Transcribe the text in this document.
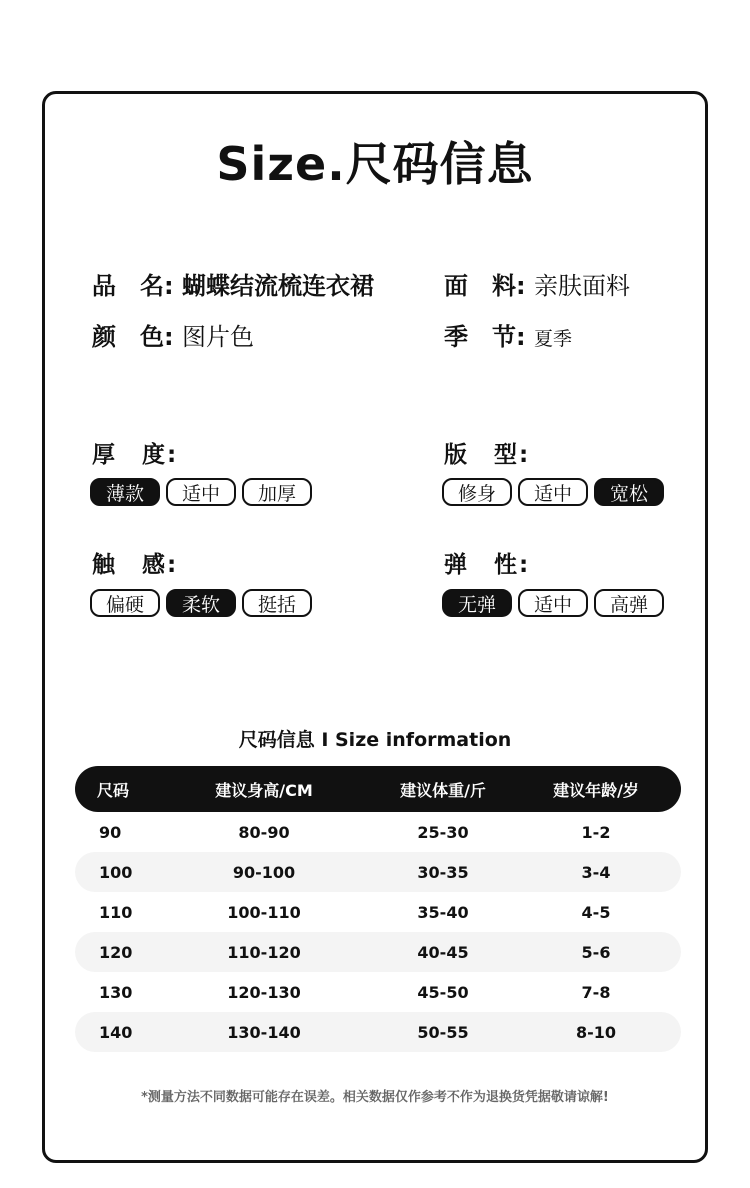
Size.尺码信息
品　名: 蝴蝶结流梳连衣裙	面　料: 亲肤面料
颜　色: 图片色	季　节: 夏季
厚　度:
薄款	适中	加厚
版　型:
修身	适中	宽松
触　感:
偏硬	柔软	挺括
弹　性:
无弹	适中	高弹
尺码信息 I Size information
尺码	建议身高/CM	建议体重/斤	建议年龄/岁
90	80-90	25-30	1-2
100	90-100	30-35	3-4
110	100-110	35-40	4-5
120	110-120	40-45	5-6
130	120-130	45-50	7-8
140	130-140	50-55	8-10
*测量方法不同数据可能存在误差。相关数据仅作参考不作为退换货凭据敬请谅解!
